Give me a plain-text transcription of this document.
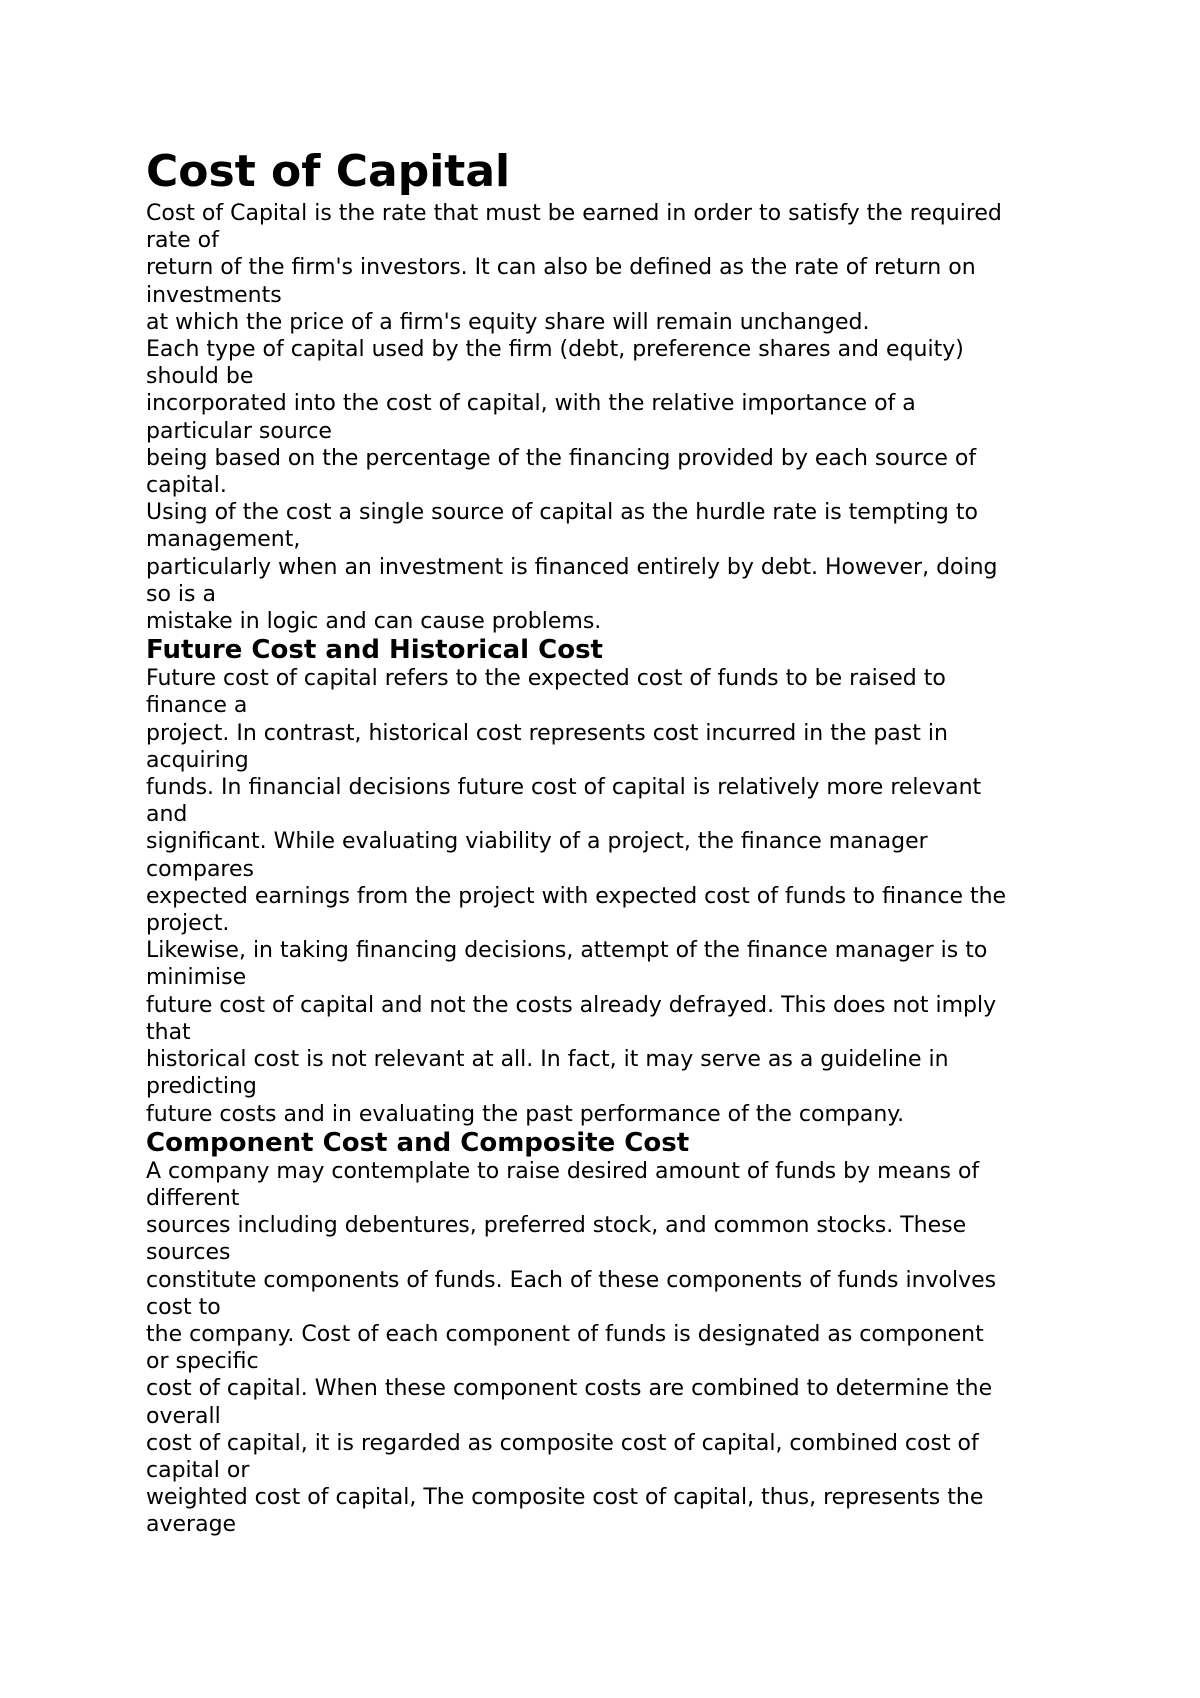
Cost of Capital
Cost of Capital is the rate that must be earned in order to satisfy the required
rate of
return of the firm's investors. It can also be defined as the rate of return on
investments
at which the price of a firm's equity share will remain unchanged.
Each type of capital used by the firm (debt, preference shares and equity)
should be
incorporated into the cost of capital, with the relative importance of a
particular source
being based on the percentage of the financing provided by each source of
capital.
Using of the cost a single source of capital as the hurdle rate is tempting to
management,
particularly when an investment is financed entirely by debt. However, doing
so is a
mistake in logic and can cause problems.
Future Cost and Historical Cost
Future cost of capital refers to the expected cost of funds to be raised to
finance a
project. In contrast, historical cost represents cost incurred in the past in
acquiring
funds. In financial decisions future cost of capital is relatively more relevant
and
significant. While evaluating viability of a project, the finance manager
compares
expected earnings from the project with expected cost of funds to finance the
project.
Likewise, in taking financing decisions, attempt of the finance manager is to
minimise
future cost of capital and not the costs already defrayed. This does not imply
that
historical cost is not relevant at all. In fact, it may serve as a guideline in
predicting
future costs and in evaluating the past performance of the company.
Component Cost and Composite Cost
A company may contemplate to raise desired amount of funds by means of
different
sources including debentures, preferred stock, and common stocks. These
sources
constitute components of funds. Each of these components of funds involves
cost to
the company. Cost of each component of funds is designated as component
or specific
cost of capital. When these component costs are combined to determine the
overall
cost of capital, it is regarded as composite cost of capital, combined cost of
capital or
weighted cost of capital, The composite cost of capital, thus, represents the
average
